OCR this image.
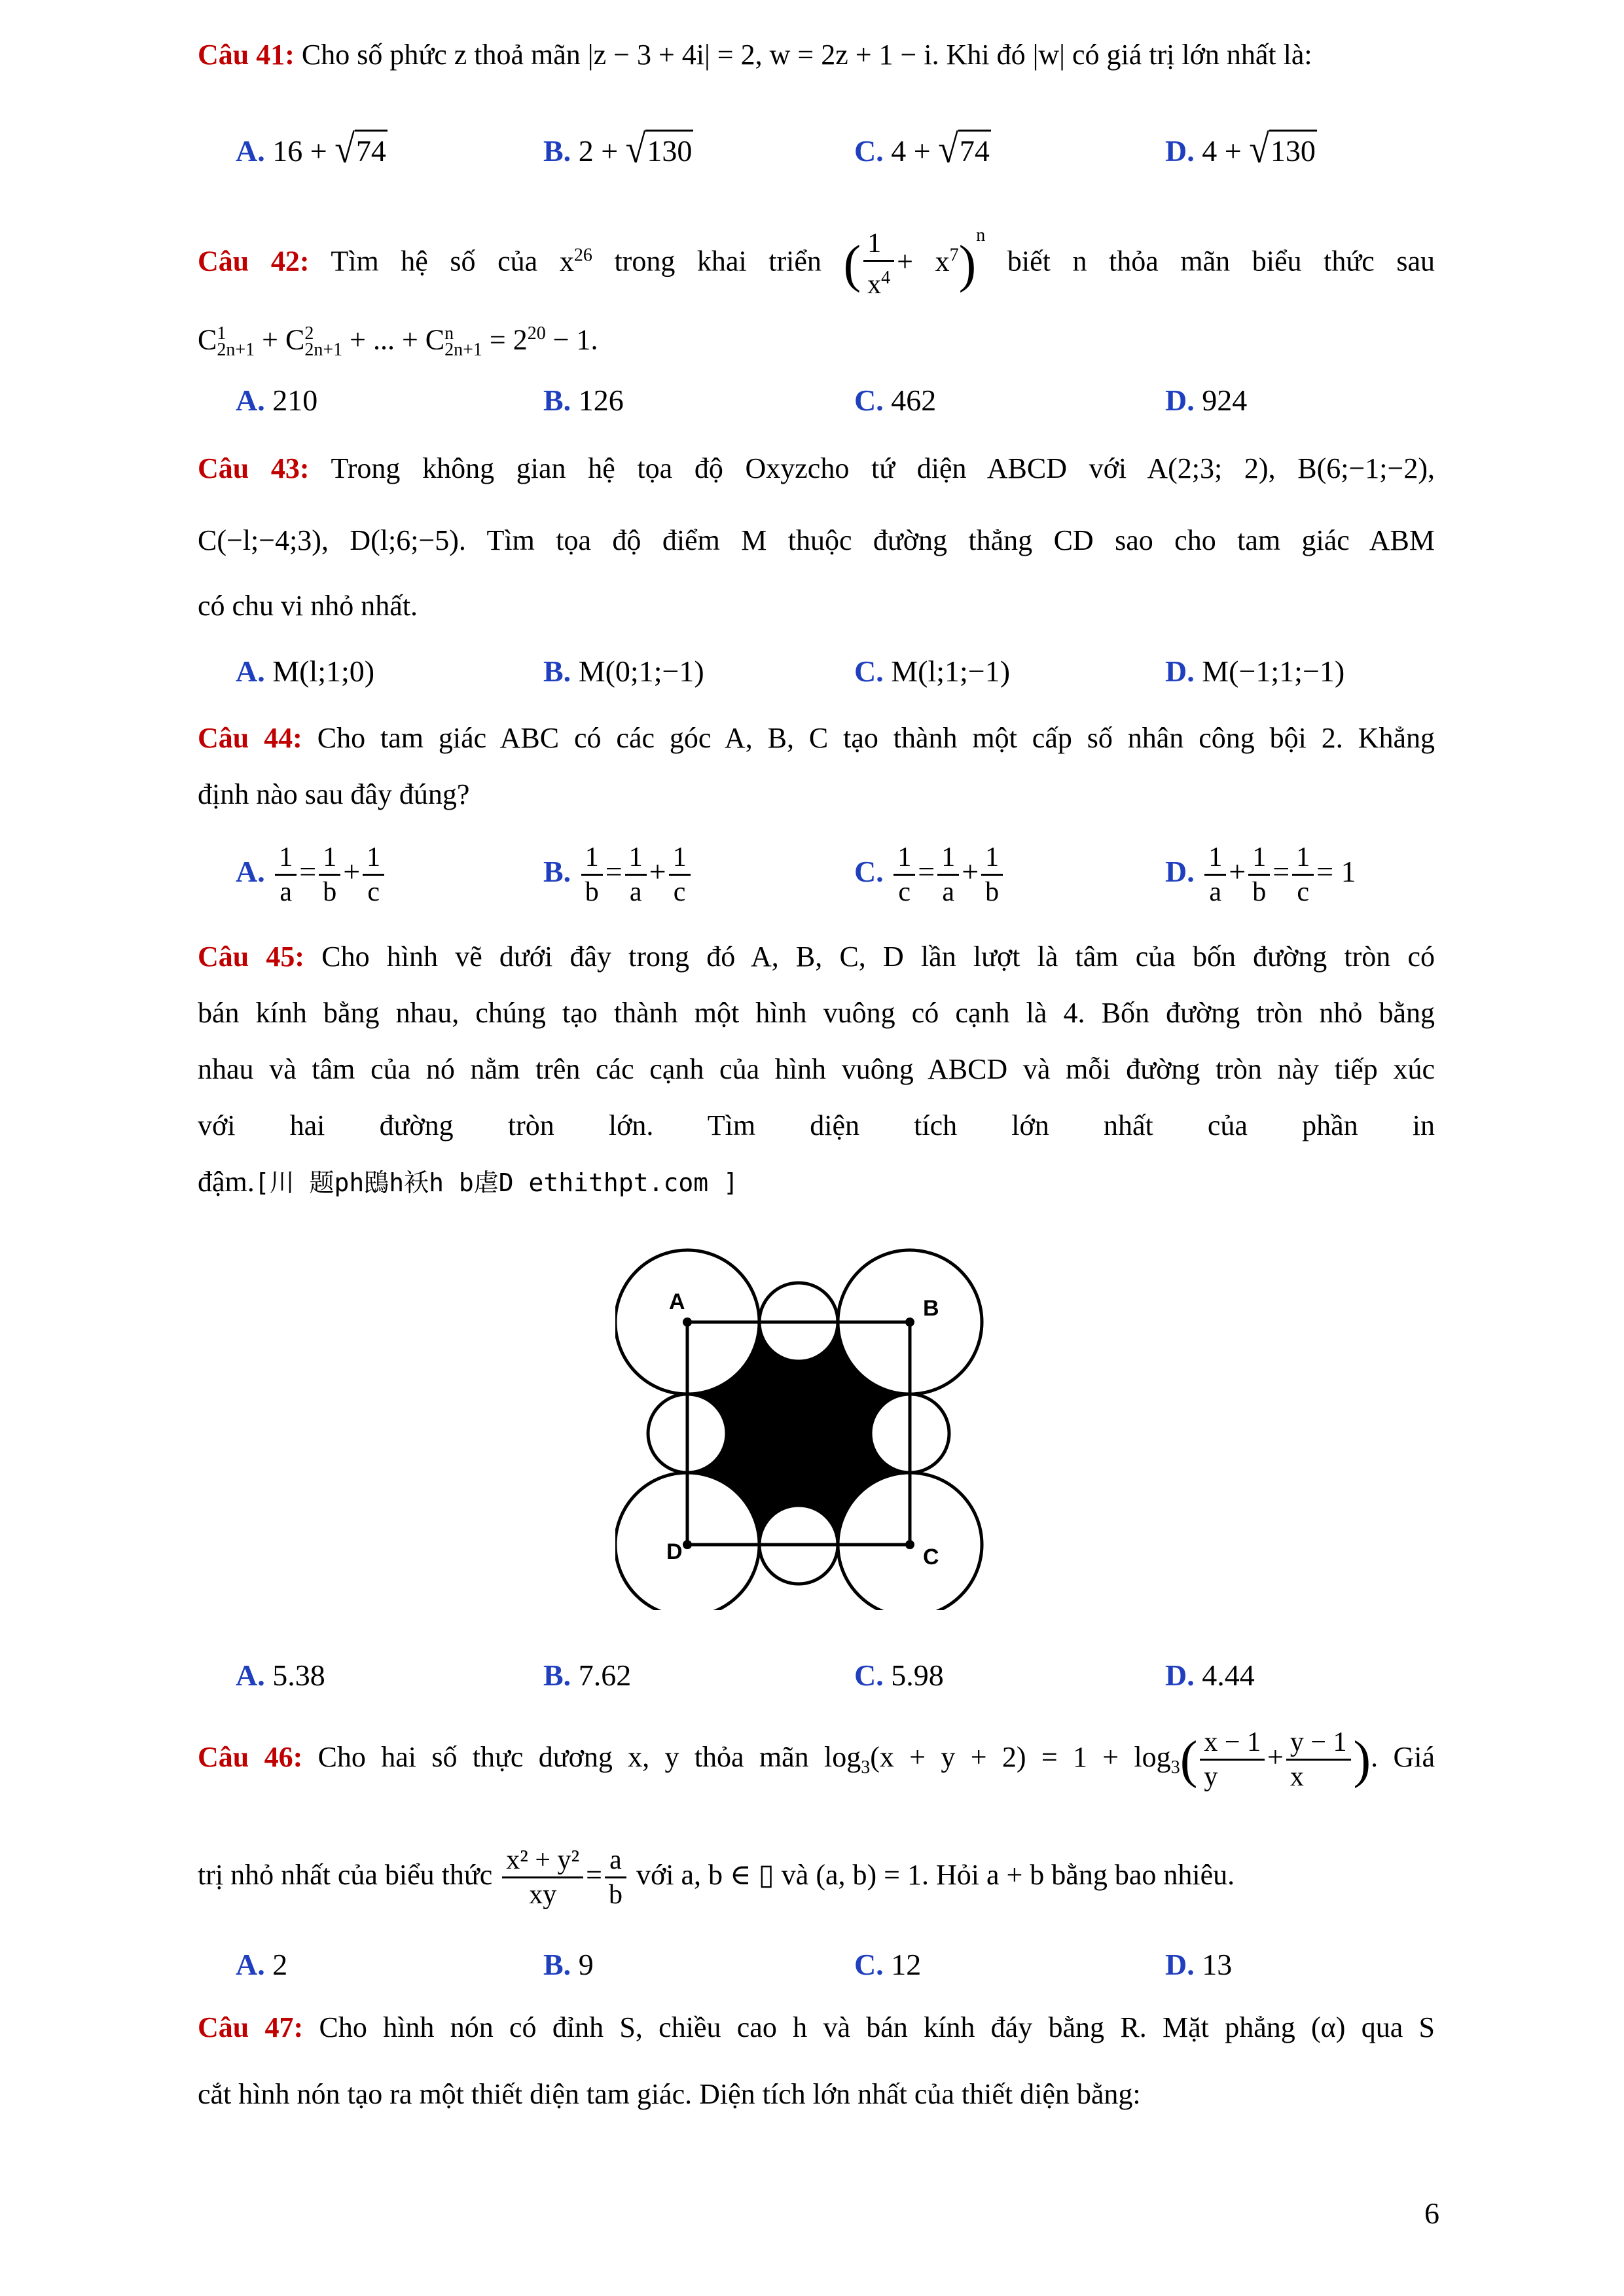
Câu 41: Cho số phức z thoả mãn |z − 3 + 4i| = 2, w = 2z + 1 − i. Khi đó |w| có giá trị lớn nhất là:
A. 16 + √74	B. 2 + √130	C. 4 + √74	D. 4 + √130
Câu 42: Tìm hệ số của $x^{26}$ trong khai triển ( $\frac{1}{x^4} + x^7)^n$ biết n thỏa mãn biểu thức sau
$C^1_{2n+1} + C^2_{2n+1}$ + ... + $C^n_{2n+1} = 2^{20} - 1$.
A. 210	B. 126	C. 462	D. 924
Câu 43: Trong không gian hệ tọa độ Oxyzcho tứ diện ABCD với A(2;3; 2), B(6;−1;−2),
C(−l;−4;3), D(l;6;−5). Tìm tọa độ điểm M thuộc đường thẳng CD sao cho tam giác ABM
có chu vi nhỏ nhất.
A. M(l;1;0)	B. M(0;1;−1)	C. M(l;1;−1)	D. M(−1;1;−1)
Câu 44: Cho tam giác ABC có các góc A, B, C tạo thành một cấp số nhân công bội 2. Khẳng
định nào sau đây đúng?
A. $\frac{1}{a} = \frac{1}{b} + \frac{1}{c}$	B. $\frac{1}{b} = \frac{1}{a} + \frac{1}{c}$	C. $\frac{1}{c} = \frac{1}{a} + \frac{1}{b}$	D. $\frac{1}{a} + \frac{1}{b} = \frac{1}{c} = 1$
Câu 45: Cho hình vẽ dưới đây trong đó A, B, C, D lần lượt là tâm của bốn đường tròn có
bán kính bằng nhau, chúng tạo thành một hình vuông có cạnh là 4. Bốn đường tròn nhỏ bằng
nhau và tâm của nó nằm trên các cạnh của hình vuông ABCD và mỗi đường tròn này tiếp xúc
với hai đường tròn lớn. Tìm diện tích lớn nhất của phần in
đậm.[川 题ph鴖h袄h b虐D ethithpt.com ]
A	B
C
D
A. 5.38	B. 7.62	C. 5.98	D. 4.44
Câu 46: Cho hai số thực dương x, y thỏa mãn $\log_3(x + y + 2) = 1 + \log_3( \frac{x - 1}{y} + \frac{y - 1}{x}$ ). Giá
trị nhỏ nhất của biểu thức $\frac{\text{x² + y²}}{xy} = \frac{a}{b}$ với a, b ∈ ▯ và (a, b) = 1. Hỏi a + b bằng bao nhiêu.
A. 2	B. 9	C. 12	D. 13
Câu 47: Cho hình nón có đỉnh S, chiều cao h và bán kính đáy bằng R. Mặt phẳng (α) qua S
cắt hình nón tạo ra một thiết diện tam giác. Diện tích lớn nhất của thiết diện bằng:
6
